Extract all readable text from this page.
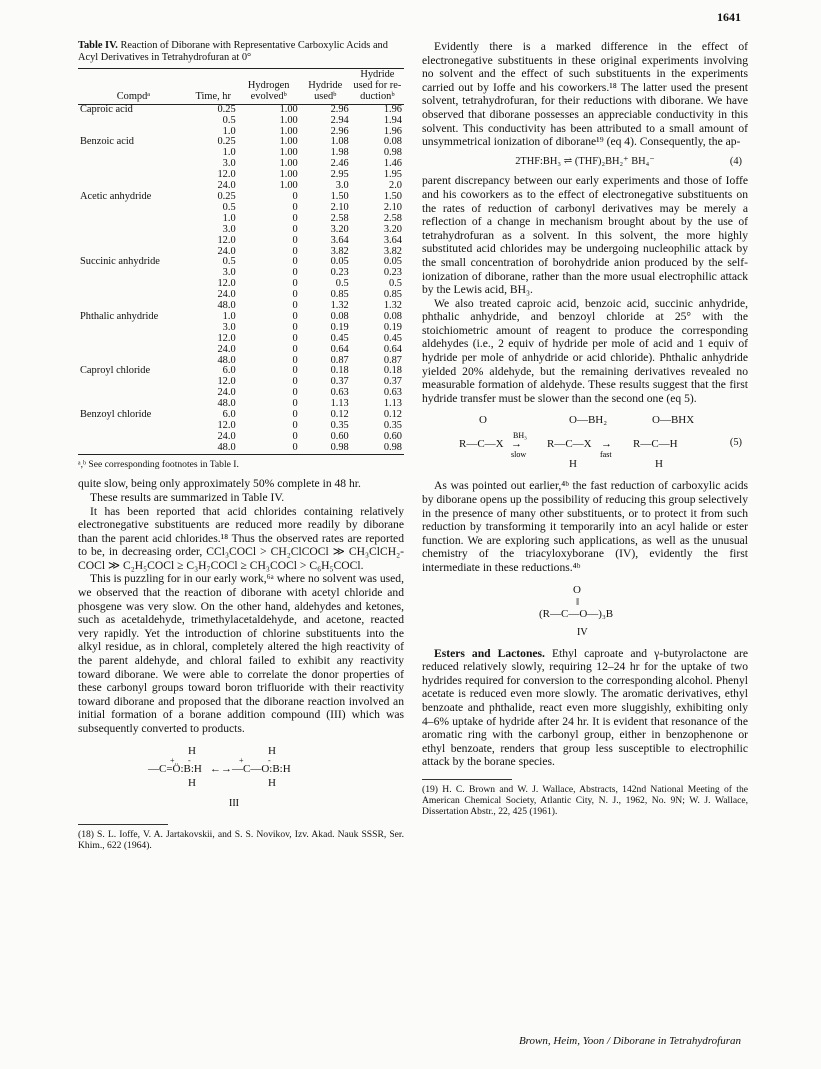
1641
Table IV. Reaction of Diborane with Representative Carboxylic Acids and Acyl Derivatives in Tetrahydrofuran at 0°
Compdᵃ	Time, hr	Hydrogen evolvedᵇ	Hydride usedᵇ	Hydride used for re-ductionᵇ
Caproic acid	0.25	1.00	2.96	1.96
	0.5	1.00	2.94	1.94
	1.0	1.00	2.96	1.96
Benzoic acid	0.25	1.00	1.08	0.08
	1.0	1.00	1.98	0.98
	3.0	1.00	2.46	1.46
	12.0	1.00	2.95	1.95
	24.0	1.00	3.0	2.0
Acetic anhydride	0.25	0	1.50	1.50
	0.5	0	2.10	2.10
	1.0	0	2.58	2.58
	3.0	0	3.20	3.20
	12.0	0	3.64	3.64
	24.0	0	3.82	3.82
Succinic anhydride	0.5	0	0.05	0.05
	3.0	0	0.23	0.23
	12.0	0	0.5	0.5
	24.0	0	0.85	0.85
	48.0	0	1.32	1.32
Phthalic anhydride	1.0	0	0.08	0.08
	3.0	0	0.19	0.19
	12.0	0	0.45	0.45
	24.0	0	0.64	0.64
	48.0	0	0.87	0.87
Caproyl chloride	6.0	0	0.18	0.18
	12.0	0	0.37	0.37
	24.0	0	0.63	0.63
	48.0	0	1.13	1.13
Benzoyl chloride	6.0	0	0.12	0.12
	12.0	0	0.35	0.35
	24.0	0	0.60	0.60
	48.0	0	0.98	0.98
ᵃ,ᵇ See corresponding footnotes in Table I.

quite slow, being only approximately 50% complete in 48 hr.

These results are summarized in Table IV.

It has been reported that acid chlorides containing relatively electronegative substituents are reduced more readily by diborane than the parent acid chlorides.¹⁸ Thus the observed rates are reported to be, in decreasing order, CCl₃COCl > CH₂ClCOCl ≫ CH₃ClCH₂-COCl ≫ C₂H₅COCl ≥ C₃H₇COCl ≥ CH₃COCl > C₆H₅COCl.

This is puzzling for in our early work,⁶ᵃ where no solvent was used, we observed that the reaction of diborane with acetyl chloride and phosgene was very slow. On the other hand, aldehydes and ketones, such as acetaldehyde, trimethylacetaldehyde, and acetone, reacted very rapidly. Yet the introduction of chlorine substituents into the alkyl residue, as in chloral, completely altered the high reactivity of the parent aldehyde, and chloral failed to exhibit any reactivity toward diborane. We were able to correlate the donor properties of these carbonyl groups toward boron trifluoride with their reactivity toward diborane and proposed that the diborane reaction involved an initial formation of a borane addition compound (III) which was subsequently converted to products.

H
—C=Ö:B:H
+ -
H
←→
H
—C—O:B:H
+	-
H
III

(18) S. L. Ioffe, V. A. Jartakovskii, and S. S. Novikov, Izv. Akad. Nauk SSSR, Ser. Khim., 622 (1964).

Evidently there is a marked difference in the effect of electronegative substituents in these original experiments involving no solvent and the effect of such substituents in the experiments carried out by Ioffe and his coworkers.¹⁸ The latter used the present solvent, tetrahydrofuran, for their reductions with diborane. We have observed that diborane possesses an appreciable conductivity in this solvent. This conductivity has been attributed to a small amount of unsymmetrical ionization of diborane¹⁹ (eq 4). Consequently, the ap-

2THF:BH₃ ⇌ (THF)₂BH₂⁺ BH₄⁻	(4)

parent discrepancy between our early experiments and those of Ioffe and his coworkers as to the effect of electronegative substituents on the rates of reduction of carbonyl derivatives may be merely a reflection of a change in mechanism brought about by the use of tetrahydrofuran as a solvent. In this solvent, the more highly substituted acid chlorides may be undergoing nucleophilic attack by the small concentration of borohydride anion produced by the self-ionization of diborane, rather than the more usual electrophilic attack by the Lewis acid, BH₃.

We also treated caproic acid, benzoic acid, succinic anhydride, phthalic anhydride, and benzoyl chloride at 25° with the stoichiometric amount of reagent to produce the corresponding aldehydes (i.e., 2 equiv of hydride per mole of acid and 1 equiv of hydride per mole of anhydride or acid chloride). Phthalic anhydride yielded 20% aldehyde, but the remaining derivatives revealed no measurable formation of aldehyde. These results suggest that the first hydride transfer must be slower than the second one (eq 5).

O
R—C—X
O—BH₂
R—C—X
O—BHX
R—C—H
H	H
BH₃
→
slow
→
fast
(5)

As was pointed out earlier,⁴ᵇ the fast reduction of carboxylic acids by diborane opens up the possibility of reducing this group selectively in the presence of many other substituents, or to protect it from such reduction by transforming it temporarily into an acyl halide or ester function. We are exploring such applications, as well as the unusual chemistry of the triacyloxyborane (IV), evidently the first intermediate in these reductions.⁴ᵇ

O
‖
(R—C—O—)₃B
IV

Esters and Lactones. Ethyl caproate and γ-butyrolactone are reduced relatively slowly, requiring 12–24 hr for the uptake of two hydrides required for conversion to the corresponding alcohol. Phenyl acetate is reduced even more slowly. The aromatic derivatives, ethyl benzoate and phthalide, react even more sluggishly, exhibiting only 4–6% uptake of hydride after 24 hr. It is evident that resonance of the aromatic ring with the carbonyl group, either in benzophenone or ethyl benzoate, renders that group less susceptible to electrophilic attack by the borane species.

(19) H. C. Brown and W. J. Wallace, Abstracts, 142nd National Meeting of the American Chemical Society, Atlantic City, N. J., 1962, No. 9N; W. J. Wallace, Dissertation Abstr., 22, 425 (1961).

Brown, Heim, Yoon / Diborane in Tetrahydrofuran
